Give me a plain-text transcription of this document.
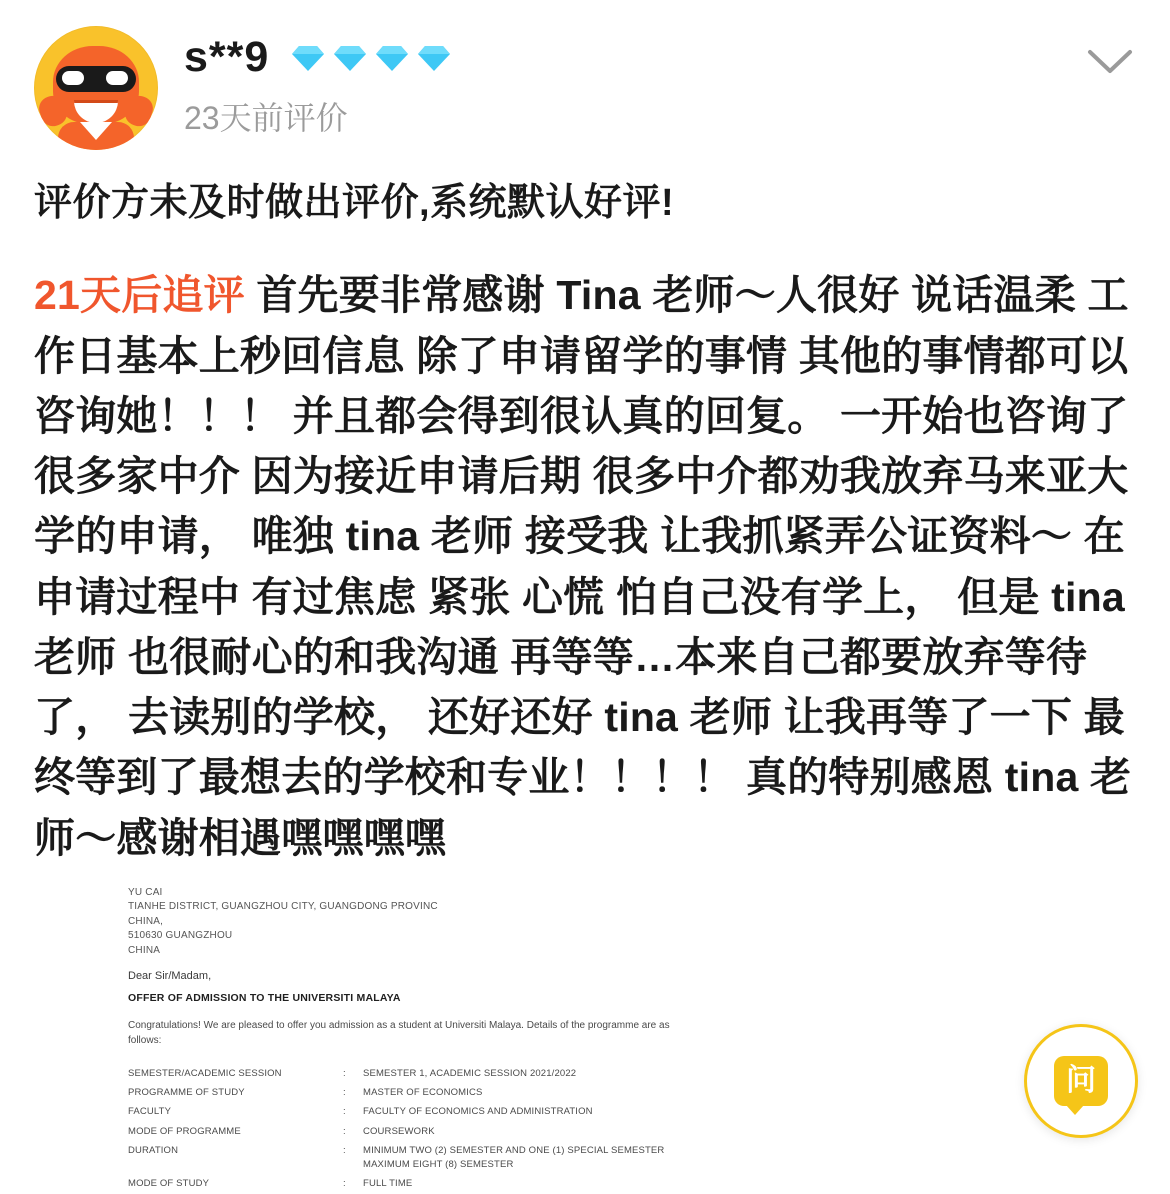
s**9
23天前评价
评价方未及时做出评价,系统默认好评!
21天后追评 首先要非常感谢 Tina 老师～人很好 说话温柔 工作日基本上秒回信息 除了申请留学的事情 其他的事情都可以咨询她！！！ 并且都会得到很认真的回复。 一开始也咨询了很多家中介 因为接近申请后期 很多中介都劝我放弃马来亚大学的申请， 唯独 tina 老师 接受我 让我抓紧弄公证资料～ 在申请过程中 有过焦虑 紧张 心慌 怕自己没有学上， 但是 tina 老师 也很耐心的和我沟通 再等等…本来自己都要放弃等待了， 去读别的学校， 还好还好 tina 老师 让我再等了一下 最终等到了最想去的学校和专业！！！！ 真的特别感恩 tina 老师～感谢相遇嘿嘿嘿嘿
YU CAI
TIANHE DISTRICT, GUANGZHOU CITY, GUANGDONG PROVINC
CHINA,
510630 GUANGZHOU
CHINA
Dear Sir/Madam,
OFFER OF ADMISSION TO THE UNIVERSITI MALAYA
Congratulations! We are pleased to offer you admission as a student at Universiti Malaya. Details of the programme are as follows:
SEMESTER/ACADEMIC SESSION	:	SEMESTER 1, ACADEMIC SESSION 2021/2022
PROGRAMME OF STUDY	:	MASTER OF ECONOMICS
FACULTY	:	FACULTY OF ECONOMICS AND ADMINISTRATION
MODE OF PROGRAMME	:	COURSEWORK
DURATION	:	MINIMUM TWO (2) SEMESTER AND ONE (1) SPECIAL SEMESTER
MAXIMUM EIGHT (8) SEMESTER

MODE OF STUDY	:	FULL TIME
问
